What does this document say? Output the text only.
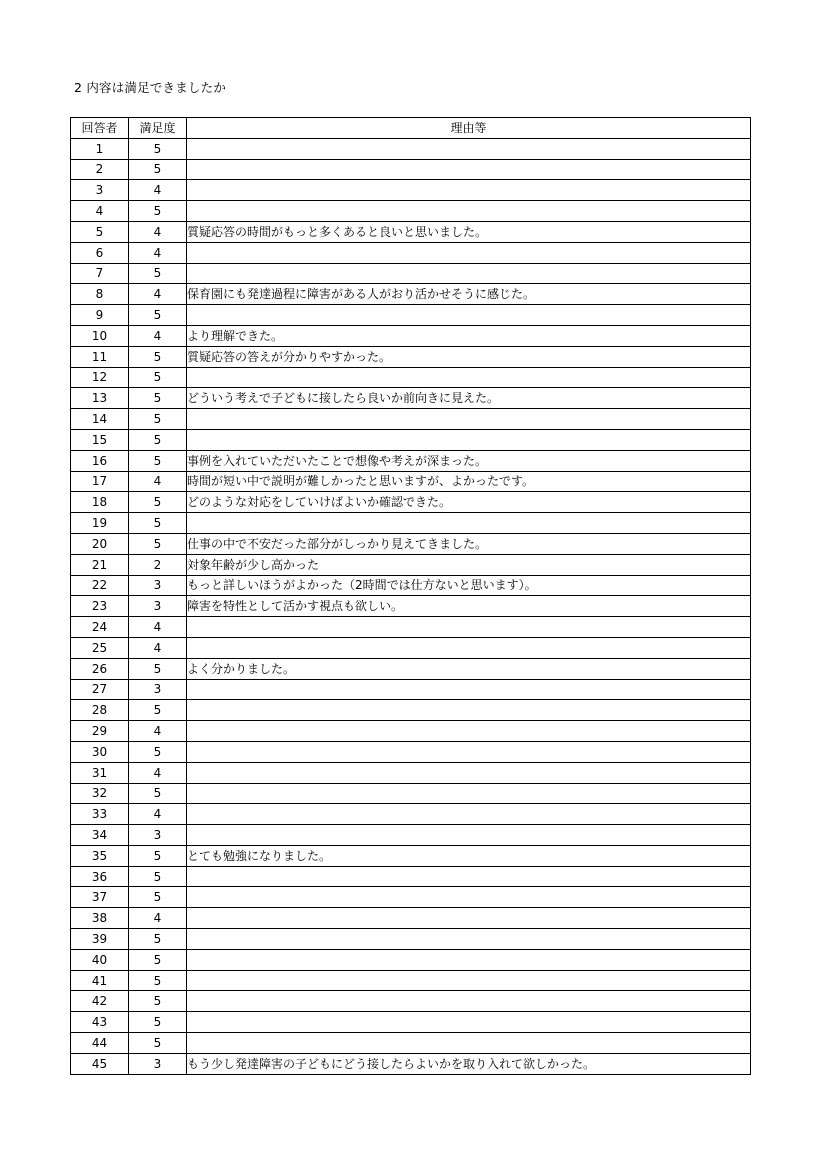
2 内容は満足できましたか
回答者	満足度	理由等
1	5	
2	5	
3	4	
4	5	
5	4	質疑応答の時間がもっと多くあると良いと思いました。
6	4	
7	5	
8	4	保育園にも発達過程に障害がある人がおり活かせそうに感じた。
9	5	
10	4	より理解できた。
11	5	質疑応答の答えが分かりやすかった。
12	5	
13	5	どういう考えで子どもに接したら良いか前向きに見えた。
14	5	
15	5	
16	5	事例を入れていただいたことで想像や考えが深まった。
17	4	時間が短い中で説明が難しかったと思いますが、よかったです。
18	5	どのような対応をしていけばよいか確認できた。
19	5	
20	5	仕事の中で不安だった部分がしっかり見えてきました。
21	2	対象年齢が少し高かった
22	3	もっと詳しいほうがよかった（2時間では仕方ないと思います）。
23	3	障害を特性として活かす視点も欲しい。
24	4	
25	4	
26	5	よく分かりました。
27	3	
28	5	
29	4	
30	5	
31	4	
32	5	
33	4	
34	3	
35	5	とても勉強になりました。
36	5	
37	5	
38	4	
39	5	
40	5	
41	5	
42	5	
43	5	
44	5	
45	3	もう少し発達障害の子どもにどう接したらよいかを取り入れて欲しかった。
